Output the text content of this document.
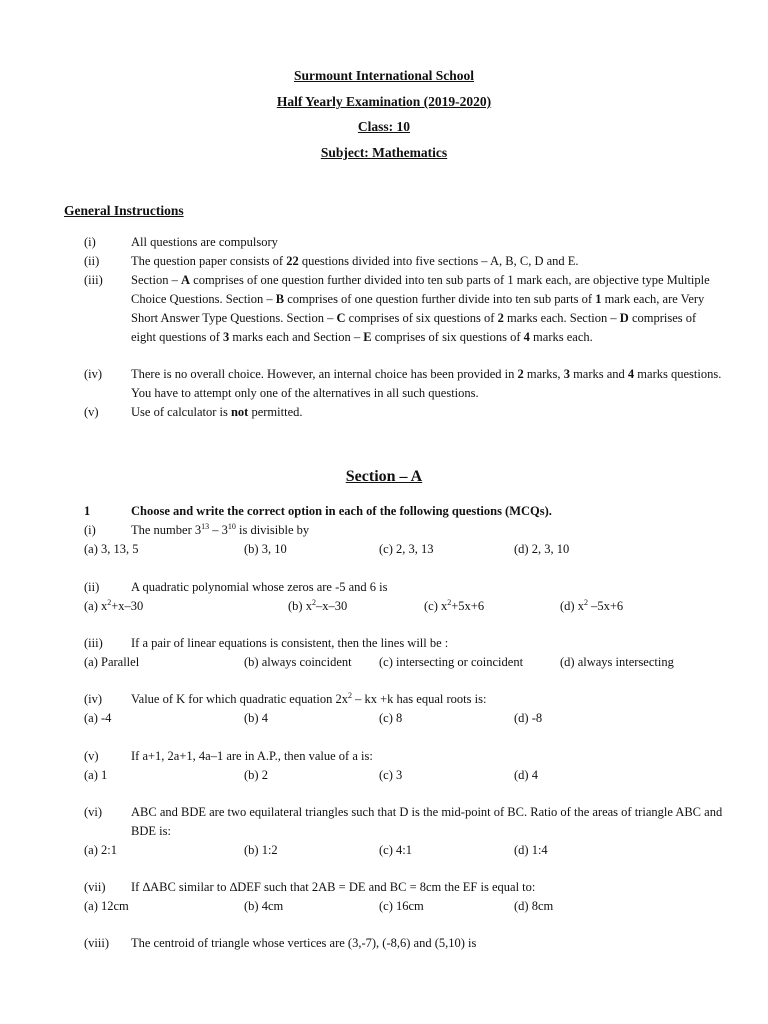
Surmount International School
Half Yearly Examination (2019-2020)
Class: 10
Subject: Mathematics
General Instructions
(i)	All questions are compulsory
(ii)	The question paper consists of 22 questions divided into five sections – A, B, C, D and E.
(iii) Section – A comprises of one question further divided into ten sub parts of 1 mark each, are objective type Multiple Choice Questions. Section – B comprises of one question further divide into ten sub parts of 1 mark each, are Very Short Answer Type Questions. Section – C comprises of six questions of 2 marks each. Section – D comprises of eight questions of 3 marks each and Section – E comprises of six questions of 4 marks each.
(iv) There is no overall choice. However, an internal choice has been provided in 2 marks, 3 marks and 4 marks questions. You have to attempt only one of the alternatives in all such questions.
(v)	Use of calculator is not permitted.
Section – A
1	Choose and write the correct option in each of the following questions (MCQs).
(i)	The number $3^{13} - 3^{10}$ is divisible by
(a) 3, 13, 5	(b) 3, 10	(c) 2, 3, 13	(d) 2, 3, 10
(ii)	A quadratic polynomial whose zeros are -5 and 6 is
(a) $x^2+x-30$	(b) $x^2-x-30$	(c) $x^2+5x+6$	(d) $x^2$ –5x+6
(iii) If a pair of linear equations is consistent, then the lines will be :
(a) Parallel	(b) always coincident (c) intersecting or coincident	(d) always intersecting
(iv) Value of K for which quadratic equation $2x^2$ – kx +k has equal roots is:
(a) -4	(b) 4	(c) 8	(d) -8
(v)	If a+1, 2a+1, 4a–1 are in A.P., then value of a is:
(a) 1	(b) 2	(c) 3	(d) 4
(vi) ABC and BDE are two equilateral triangles such that D is the mid-point of BC. Ratio of the areas of triangle ABC and BDE is:
(a) 2:1	(b) 1:2	(c) 4:1	(d) 1:4
(vii) If ∆ABC similar to ∆DEF such that 2AB = DE and BC = 8cm the EF is equal to:
(a) 12cm	(b) 4cm	(c) 16cm	(d) 8cm
(viii) The centroid of triangle whose vertices are (3,-7), (-8,6) and (5,10) is
